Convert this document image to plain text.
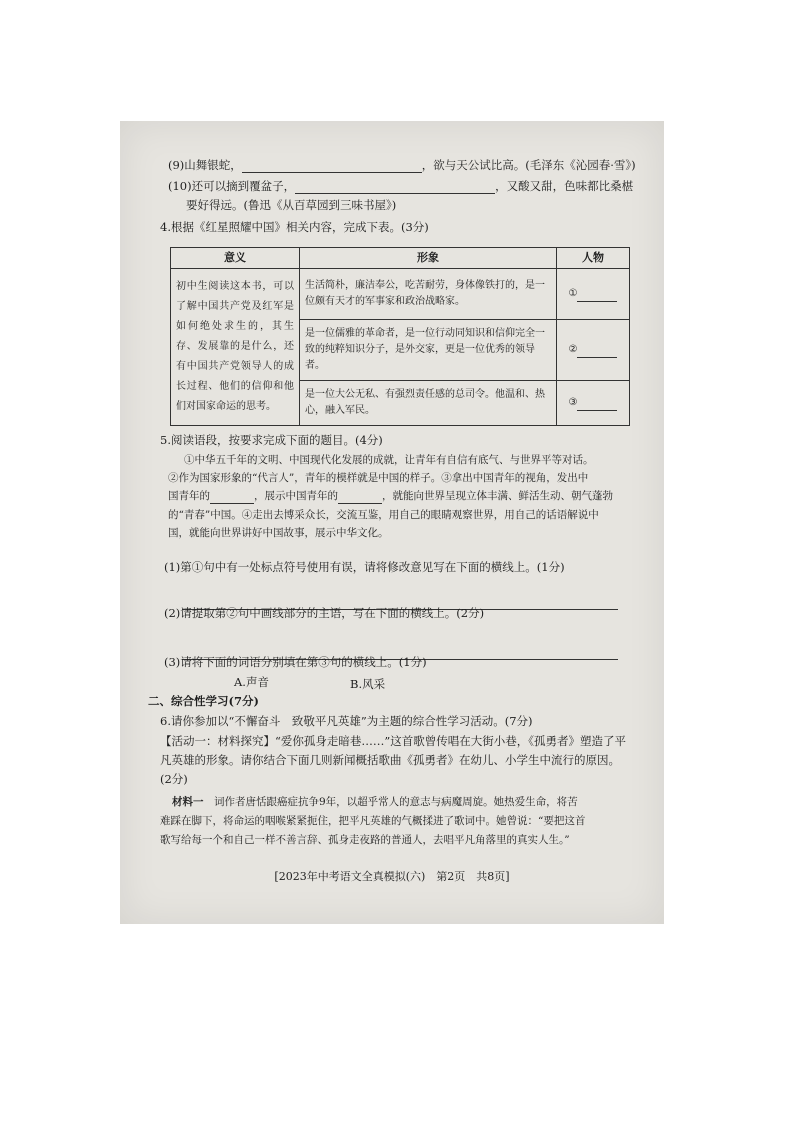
(9)山舞银蛇，	，欲与天公试比高。(毛泽东《沁园春·雪》)
(10)还可以摘到覆盆子，	，又酸又甜，色味都比桑椹
要好得远。(鲁迅《从百草园到三味书屋》)
4.根据《红星照耀中国》相关内容，完成下表。(3分)
意义	形象	人物
初中生阅读这本书，可以了解中国共产党及红军是如何绝处求生的，其生存、发展靠的是什么，还有中国共产党领导人的成长过程、他们的信仰和他们对国家命运的思考。	生活简朴，廉洁奉公，吃苦耐劳，身体像铁打的，是一位颇有天才的军事家和政治战略家。	①
	是一位儒雅的革命者，是一位行动同知识和信仰完全一致的纯粹知识分子，是外交家，更是一位优秀的领导者。	②
	是一位大公无私、有强烈责任感的总司令。他温和、热心，融入军民。	③
5.阅读语段，按要求完成下面的题目。(4分)
①中华五千年的文明、中国现代化发展的成就，让青年有自信有底气、与世界平等对话。
②作为国家形象的“代言人”，青年的模样就是中国的样子。③拿出中国青年的视角，发出中
国青年的	，展示中国青年的	，就能向世界呈现立体丰满、鲜活生动、朝气蓬勃
的“青春”中国。④走出去博采众长，交流互鉴，用自己的眼睛观察世界，用自己的话语解说中
国，就能向世界讲好中国故事，展示中华文化。
(1)第①句中有一处标点符号使用有误，请将修改意见写在下面的横线上。(1分)
(2)请提取第②句中画线部分的主语，写在下面的横线上。(2分)
(3)请将下面的词语分别填在第③句的横线上。(1分)
A.声音	B.风采
二、综合性学习(7分)
6.请你参加以“不懈奋斗　致敬平凡英雄”为主题的综合性学习活动。(7分)
【活动一：材料探究】“爱你孤身走暗巷……”这首歌曾传唱在大街小巷，《孤勇者》塑造了平
凡英雄的形象。请你结合下面几则新闻概括歌曲《孤勇者》在幼儿、小学生中流行的原因。
(2分)
材料一　词作者唐恬跟癌症抗争9年，以超乎常人的意志与病魔周旋。她热爱生命，将苦
难踩在脚下，将命运的咽喉紧紧扼住，把平凡英雄的气概揉进了歌词中。她曾说：“要把这首
歌写给每一个和自己一样不善言辞、孤身走夜路的普通人，去唱平凡角落里的真实人生。”
[2023年中考语文全真模拟(六)　第2页　共8页]
